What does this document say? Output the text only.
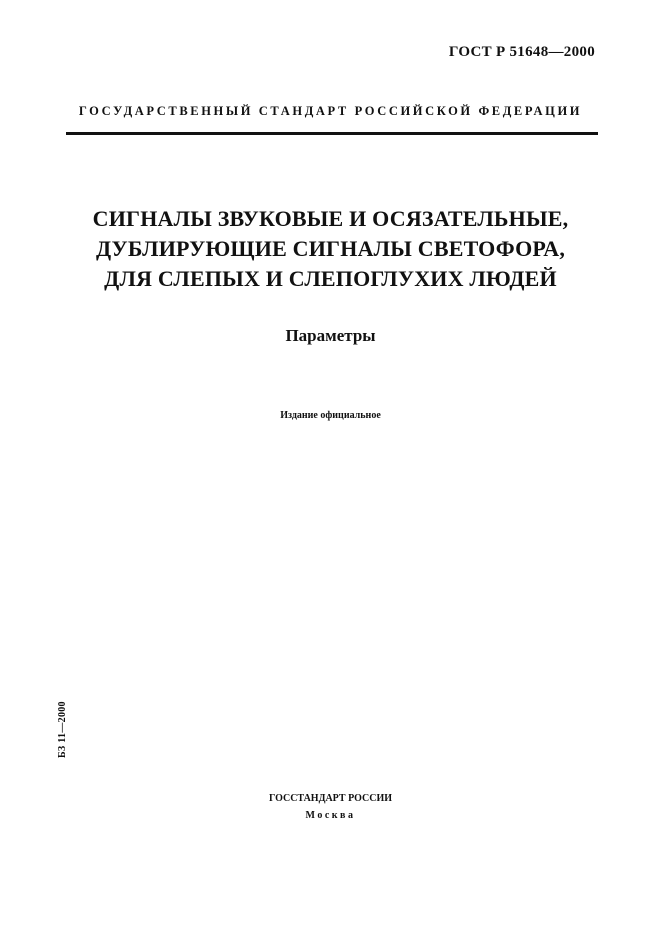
ГОСТ Р 51648—2000
ГОСУДАРСТВЕННЫЙ СТАНДАРТ РОССИЙСКОЙ ФЕДЕРАЦИИ
СИГНАЛЫ ЗВУКОВЫЕ И ОСЯЗАТЕЛЬНЫЕ,
ДУБЛИРУЮЩИЕ СИГНАЛЫ СВЕТОФОРА,
ДЛЯ СЛЕПЫХ И СЛЕПОГЛУХИХ ЛЮДЕЙ
Параметры
Издание официальное
БЗ 11—2000
ГОССТАНДАРТ РОССИИ
Москва
